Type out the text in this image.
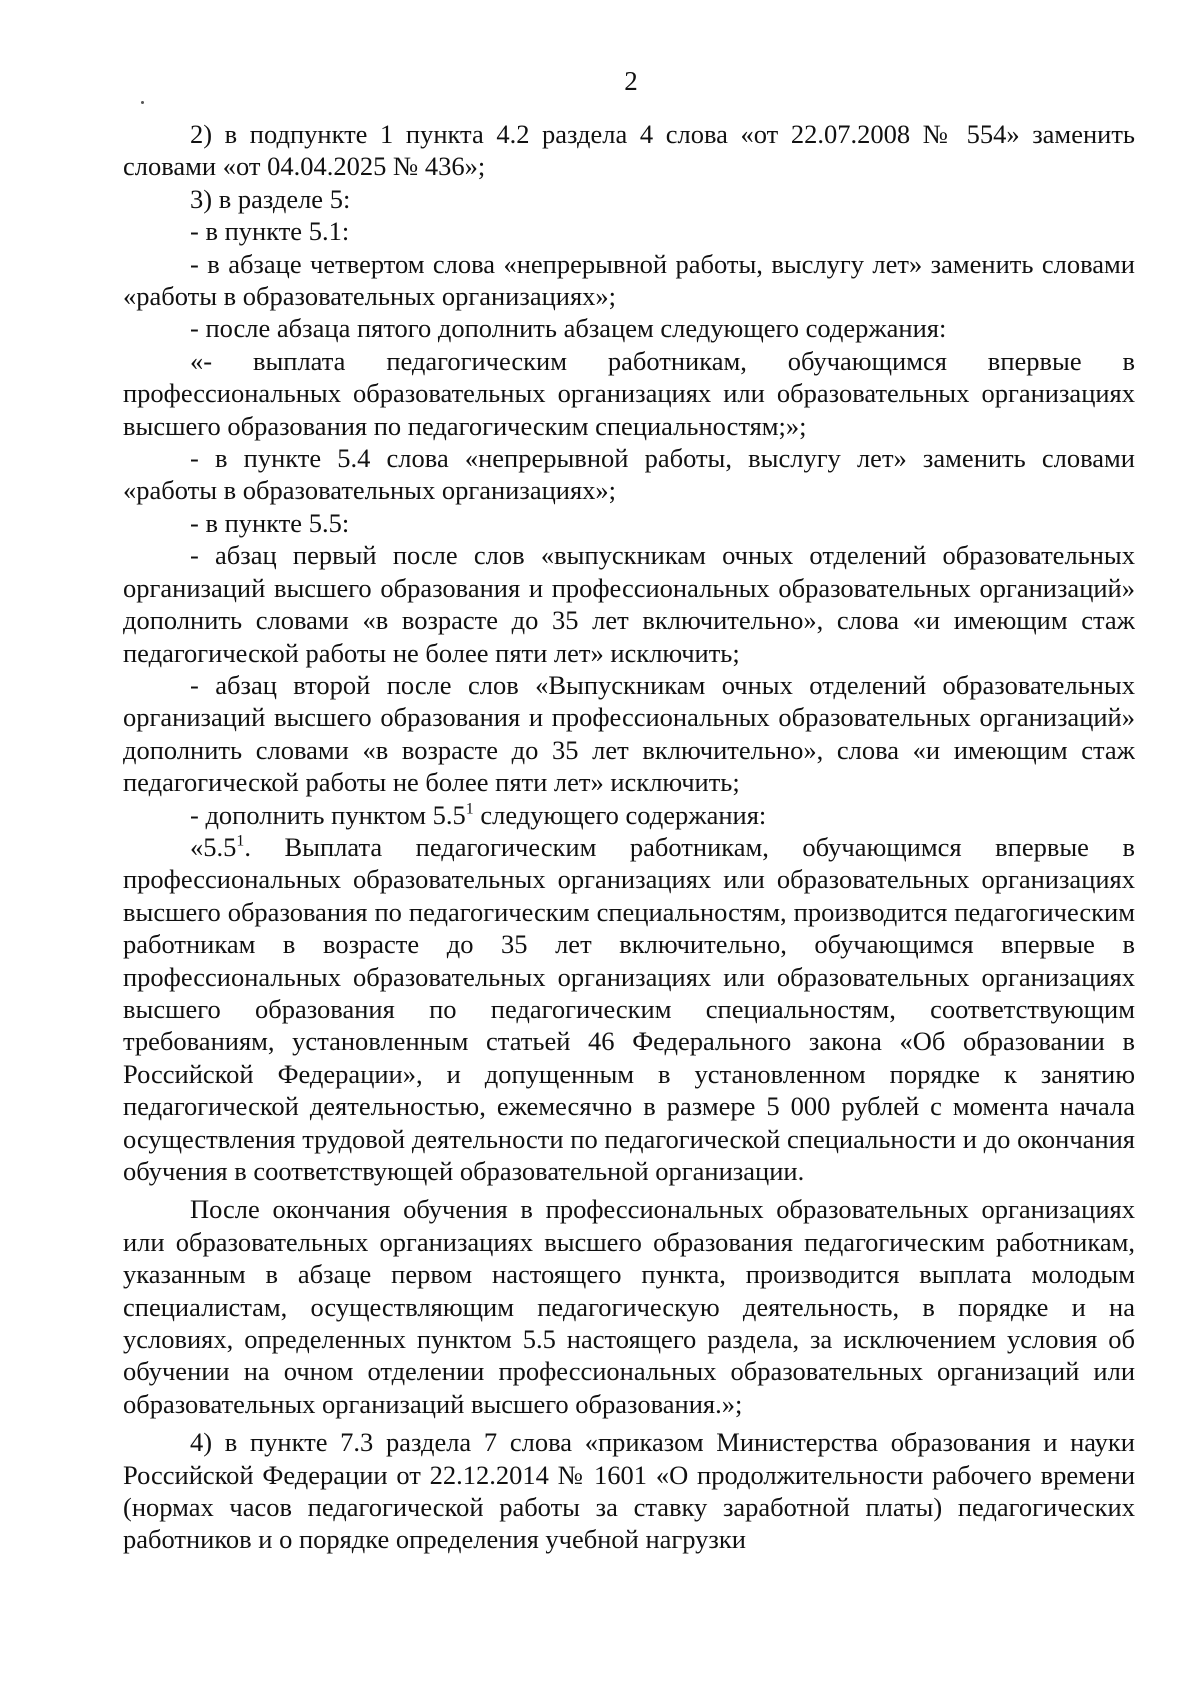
2

2) в подпункте 1 пункта 4.2 раздела 4 слова «от 22.07.2008 № 554» заменить словами «от 04.04.2025 № 436»;

3) в разделе 5:

- в пункте 5.1:

- в абзаце четвертом слова «непрерывной работы, выслугу лет» заменить словами «работы в образовательных организациях»;

- после абзаца пятого дополнить абзацем следующего содержания:

«- выплата педагогическим работникам, обучающимся впервые в профессиональных образовательных организациях или образовательных организациях высшего образования по педагогическим специальностям;»;

- в пункте 5.4 слова «непрерывной работы, выслугу лет» заменить словами «работы в образовательных организациях»;

- в пункте 5.5:

- абзац первый после слов «выпускникам очных отделений образовательных организаций высшего образования и профессиональных образовательных организаций» дополнить словами «в возрасте до 35 лет включительно», слова «и имеющим стаж педагогической работы не более пяти лет» исключить;

- абзац второй после слов «Выпускникам очных отделений образовательных организаций высшего образования и профессиональных образовательных организаций» дополнить словами «в возрасте до 35 лет включительно», слова «и имеющим стаж педагогической работы не более пяти лет» исключить;

- дополнить пунктом $5.5^1$ следующего содержания:

«$5.5^1$. Выплата педагогическим работникам, обучающимся впервые в профессиональных образовательных организациях или образовательных организациях высшего образования по педагогическим специальностям, производится педагогическим работникам в возрасте до 35 лет включительно, обучающимся впервые в профессиональных образовательных организациях или образовательных организациях высшего образования по педагогическим специальностям, соответствующим требованиям, установленным статьей 46 Федерального закона «Об образовании в Российской Федерации», и допущенным в установленном порядке к занятию педагогической деятельностью, ежемесячно в размере 5 000 рублей с момента начала осуществления трудовой деятельности по педагогической специальности и до окончания обучения в соответствующей образовательной организации.

После окончания обучения в профессиональных образовательных организациях или образовательных организациях высшего образования педагогическим работникам, указанным в абзаце первом настоящего пункта, производится выплата молодым специалистам, осуществляющим педагогическую деятельность, в порядке и на условиях, определенных пунктом 5.5 настоящего раздела, за исключением условия об обучении на очном отделении профессиональных образовательных организаций или образовательных организаций высшего образования.»;

4) в пункте 7.3 раздела 7 слова «приказом Министерства образования и науки Российской Федерации от 22.12.2014 № 1601 «О продолжительности рабочего времени (нормах часов педагогической работы за ставку заработной платы) педагогических работников и о порядке определения учебной нагрузки
